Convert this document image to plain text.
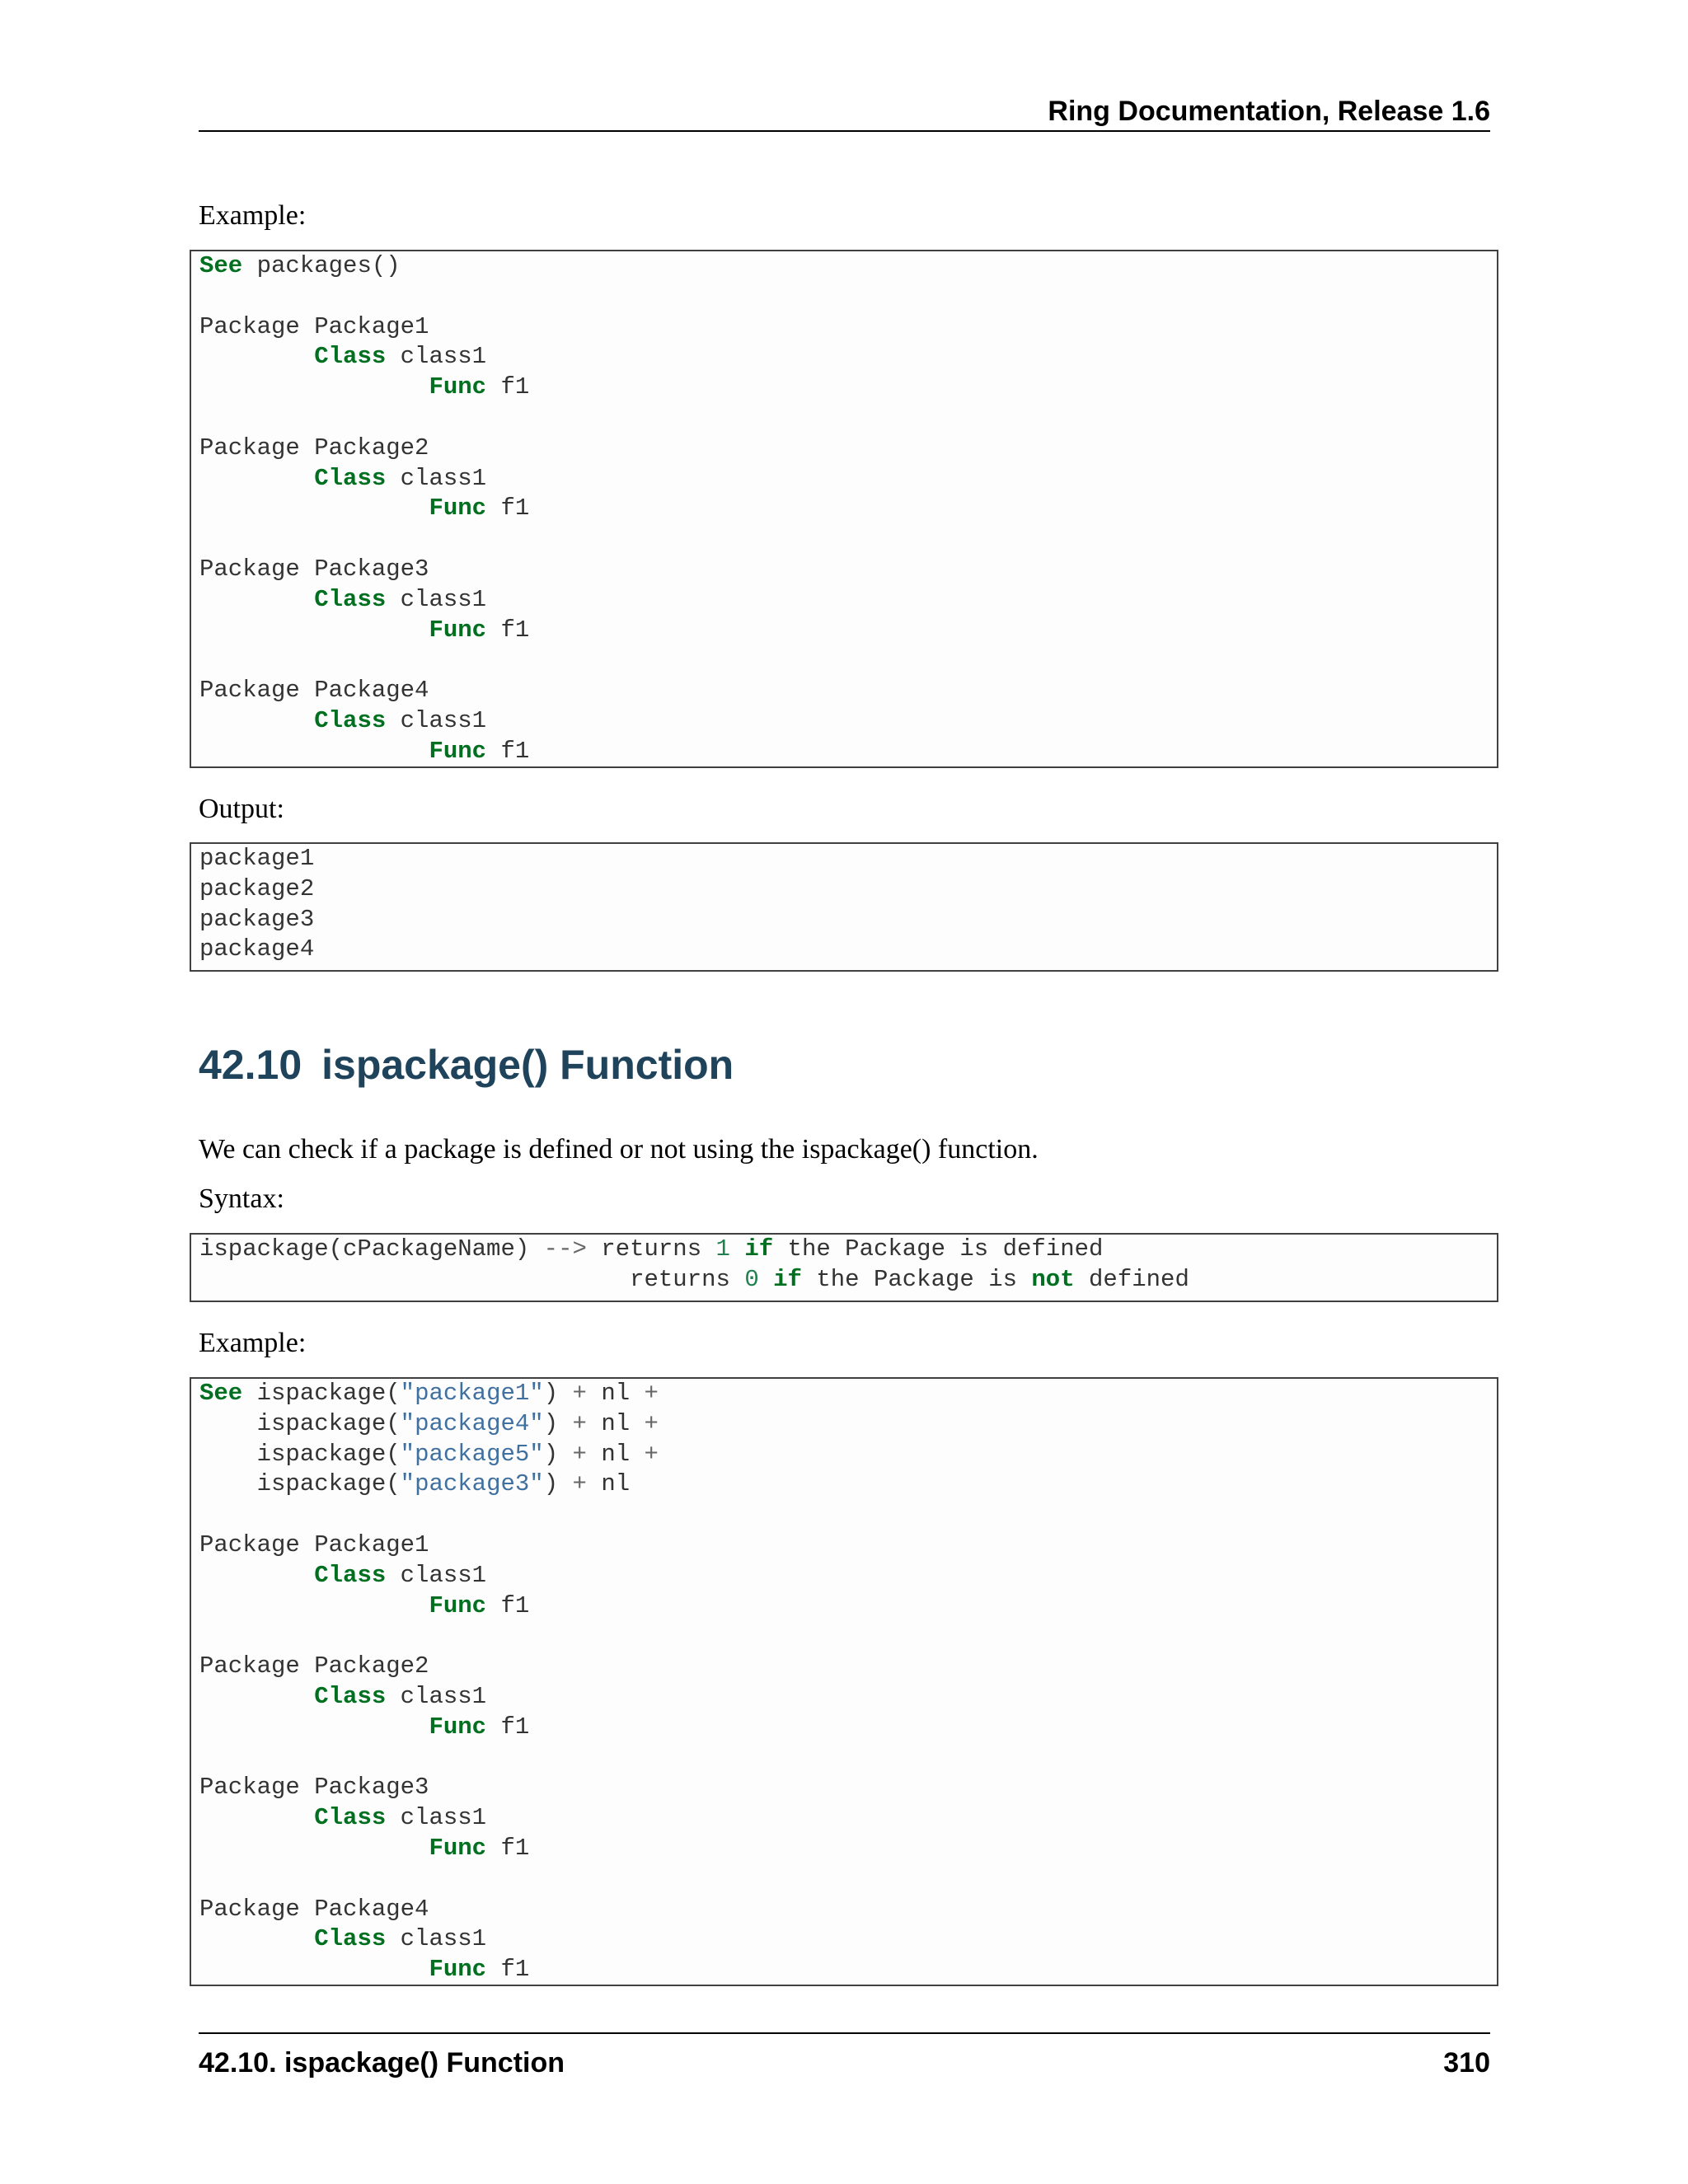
Ring Documentation, Release 1.6
Example:
See packages()

Package Package1
Class class1
Func f1

Package Package2
Class class1
Func f1

Package Package3
Class class1
Func f1

Package Package4
Class class1
Func f1
Output:
package1
package2
package3
package4
42.10 ispackage() Function
We can check if a package is defined or not using the ispackage() function.
Syntax:
ispackage(cPackageName) --> returns 1 if the Package is defined
returns 0 if the Package is not defined
Example:
See ispackage("package1") + nl +
ispackage("package4") + nl +
ispackage("package5") + nl +
ispackage("package3") + nl

Package Package1
Class class1
Func f1

Package Package2
Class class1
Func f1

Package Package3
Class class1
Func f1

Package Package4
Class class1
Func f1
42.10. ispackage() Function	310
